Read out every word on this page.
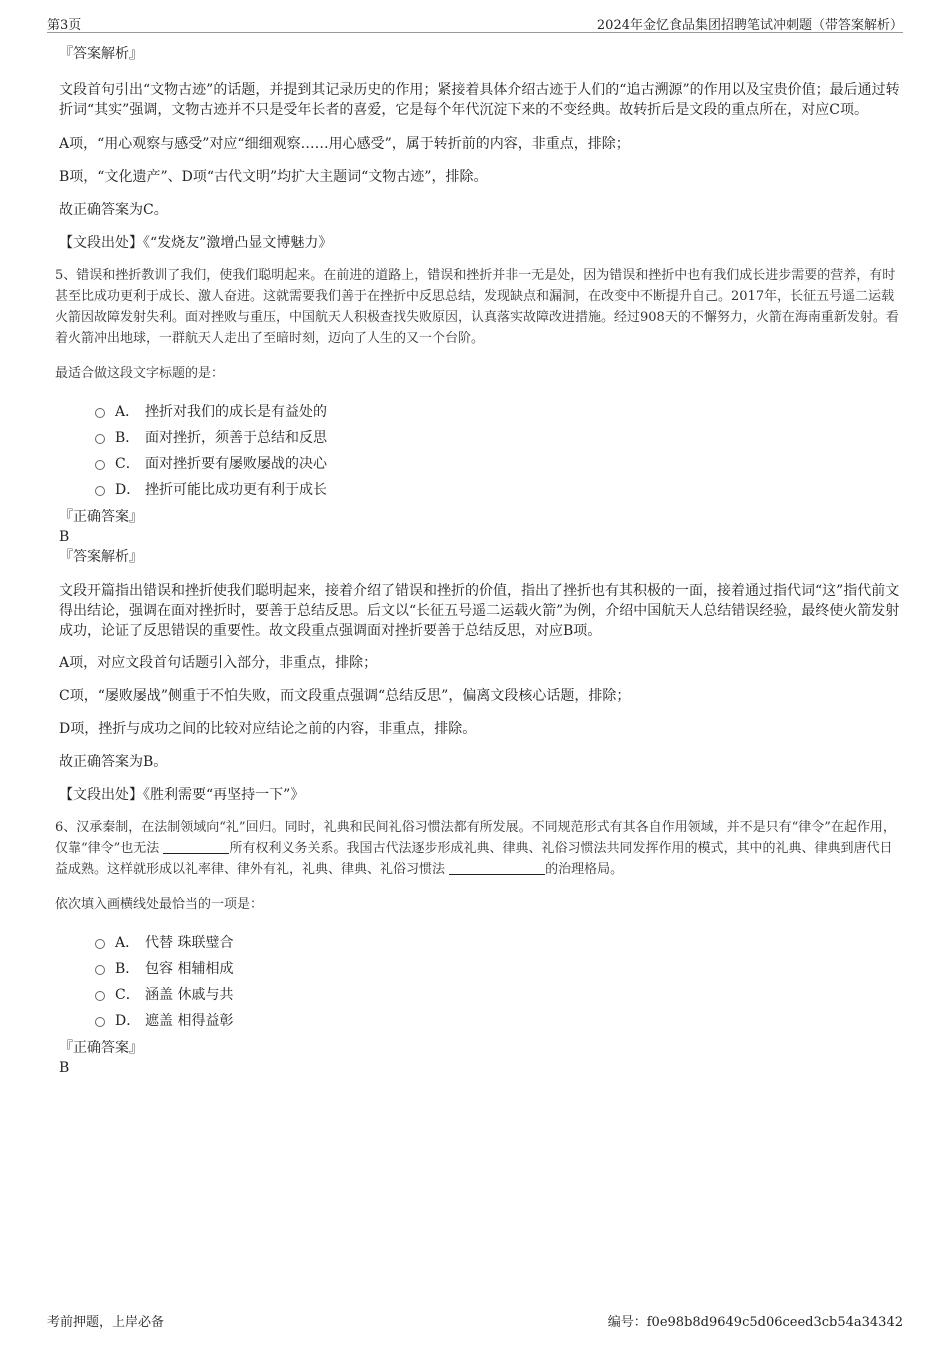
第3页	2024年金忆食品集团招聘笔试冲刺题（带答案解析）

『答案解析』

文段首句引出“文物古迹”的话题，并提到其记录历史的作用；紧接着具体介绍古迹于人们的“追古溯源”的作用以及宝贵价值；最后通过转折词“其实”强调，文物古迹并不只是受年长者的喜爱，它是每个年代沉淀下来的不变经典。故转折后是文段的重点所在，对应C项。

A项，“用心观察与感受”对应“细细观察……用心感受”，属于转折前的内容，非重点，排除；

B项，“文化遗产”、D项“古代文明”均扩大主题词“文物古迹”，排除。

故正确答案为C。

【文段出处】《“发烧友”激增凸显文博魅力》

5、错误和挫折教训了我们，使我们聪明起来。在前进的道路上，错误和挫折并非一无是处，因为错误和挫折中也有我们成长进步需要的营养，有时甚至比成功更利于成长、激人奋进。这就需要我们善于在挫折中反思总结，发现缺点和漏洞，在改变中不断提升自己。2017年，长征五号遥二运载火箭因故障发射失利。面对挫败与重压，中国航天人积极查找失败原因，认真落实故障改进措施。经过908天的不懈努力，火箭在海南重新发射。看着火箭冲出地球，一群航天人走出了至暗时刻，迈向了人生的又一个台阶。

最适合做这段文字标题的是：

A． 挫折对我们的成长是有益处的
B． 面对挫折，须善于总结和反思
C． 面对挫折要有屡败屡战的决心
D． 挫折可能比成功更有利于成长

『正确答案』

B

『答案解析』

文段开篇指出错误和挫折使我们聪明起来，接着介绍了错误和挫折的价值，指出了挫折也有其积极的一面，接着通过指代词“这”指代前文得出结论，强调在面对挫折时，要善于总结反思。后文以“长征五号遥二运载火箭”为例，介绍中国航天人总结错误经验，最终使火箭发射成功，论证了反思错误的重要性。故文段重点强调面对挫折要善于总结反思，对应B项。

A项，对应文段首句话题引入部分，非重点，排除；

C项，“屡败屡战”侧重于不怕失败，而文段重点强调“总结反思”，偏离文段核心话题，排除；

D项，挫折与成功之间的比较对应结论之前的内容，非重点，排除。

故正确答案为B。

【文段出处】《胜利需要“再坚持一下”》

6、汉承秦制，在法制领域向“礼”回归。同时，礼典和民间礼俗习惯法都有所发展。不同规范形式有其各自作用领域，并不是只有“律令”在起作用，仅靠“律令”也无法	所有权利义务关系。我国古代法逐步形成礼典、律典、礼俗习惯法共同发挥作用的模式，其中的礼典、律典到唐代日益成熟。这样就形成以礼率律、律外有礼，礼典、律典、礼俗习惯法	的治理格局。

依次填入画横线处最恰当的一项是：

A． 代替 珠联璧合
B． 包容 相辅相成
C． 涵盖 休戚与共
D． 遮盖 相得益彰

『正确答案』

B

考前押题，上岸必备	编号：f0e98b8d9649c5d06ceed3cb54a34342
